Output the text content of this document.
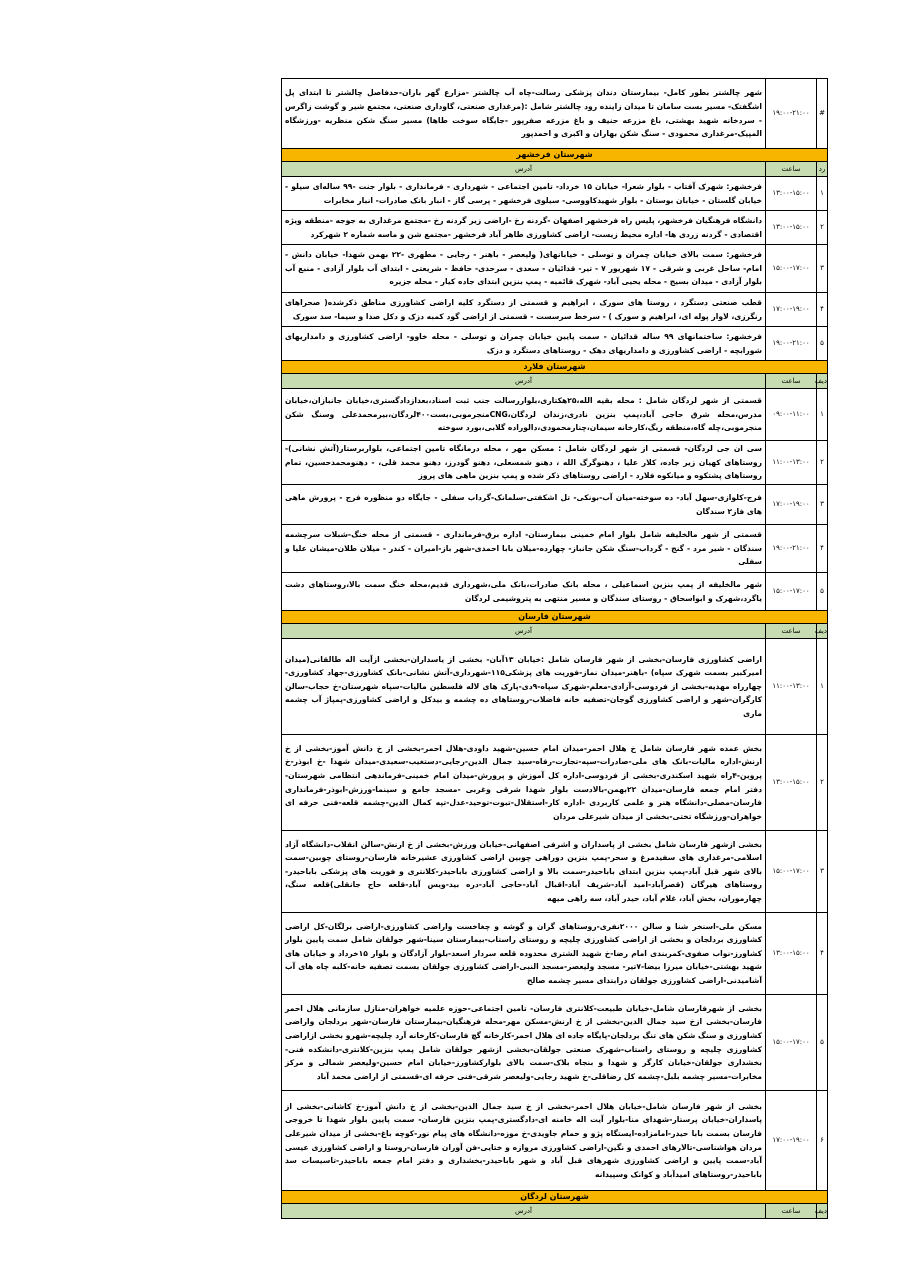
#	۱۹:۰۰-۲۱:۰۰	شهر چالشتر بطور کامل- بیمارستان دندان پزشکی رسالت-چاه آب چالشتر -مزارع گهر باران-حدفاصل چالشتر تا ابتدای پل اشگفتک- مسیر بست سامان تا میدان زاینده رود چالشتر شامل :(مرغداری صنعتی، گاوداری صنعتی، مجتمع شیر و گوشت زاگرس - سردخانه شهید بهشتی، باغ مزرعه حنیف و باغ مزرعه صفرپور -جایگاه سوخت طاها) مسیر سنگ شکن منظریه -ورزشگاه المپیک-مرغداری محمودی - سنگ شکن بهاران و اکبری و احمدپور
شهرستان فرخشهر		
رد	ساعت	آدرس
۱	۱۳:۰۰-۱۵:۰۰	فرخشهر: شهرک آفتاب - بلوار شعرا- خیابان ۱۵ خرداد- تامین اجتماعی - شهرداری - فرمانداری - بلوار جنت -۹۹ ساله‌ای سیلو - خیابان گلستان - خیابان بوستان - بلوار شهیدکاووسی- سیلوی فرخشهر - پرسی گاز - انبار بانک صادرات- انبار مخابرات
۲	۱۳:۰۰-۱۵:۰۰	دانشگاه فرهنگیان فرخشهر، پلیس راه فرخشهر اصفهان -گردنه رخ -اراضی زیر گردنه رخ -مجتمع مرغداری به جوجه -منطقه ویژه اقتصادی - گردنه زردی ها- اداره محیط زیست- اراضی کشاورزی طاهر آباد فرخشهر -مجتمع شن و ماسه شماره ۲ شهرکرد
۳	۱۵:۰۰-۱۷:۰۰	فرخشهر: سمت بالای خیابان چمران و توسلی - خیابانهای( ولیعصر - باهنر - رجایی - مطهری -۲۲ بهمن شهدا- خیابان دانش - امام- ساحل غربی و شرقی - ۱۷ شهریور ۷ - تیر- قدائیان - سعدی - سرحدی- حافظ - شریعتی - ابتدای آب بلوار آزادی - منبع آب بلوار آزادی - میدان بسیج - محله یحیی آباد- شهرک قائمیه - پمپ بنزین ابتدای جاده کیار - محله جزیره
۴	۱۷:۰۰-۱۹:۰۰	قطب صنعتی دستگرد ، روستا های سورک ، ابراهیم و قسمتی از دستگرد کلیه اراضی کشاورزی مناطق ذکرشده( صحراهای رنگرزی، لاوار پوله ای، ابراهیم و سورک ) - سرخط سرسست - قسمتی از اراضی گود کمبه دزک و دکل صدا و سیما- سد سورک
۵	۱۹:۰۰-۲۱:۰۰	فرخشهر: ساختمانهای ۹۹ ساله قدائیان - سمت پایین خیابان چمران و توسلی - محله خاوو- اراضی کشاورزی و دامداریهای شورابچه - اراضی کشاورزی و دامداریهای دهک - روستاهای دستگرد و دزک
شهرستان فلارد		
دیف	ساعت	آدرس
۱	۰۹:۰۰-۱۱:۰۰	قسمتی از شهر لردگان شامل : محله بقیه الله،۲۵هکتاری،بلواررسالت جنب ثبت اسناد،بعدازدادگستری،خیابان جانبازان،خیابان مدرس،محله شرق حاجی آباد،پمپ بنزین نادری،زندان لردگان،CNGمنجرموبی،بست۴۰۰لردگان،بیرمحمدعلی وسنگ شکن منجرموبی،چله گاه،منطقه ریگ،کارخانه سیمان،چنارمحمودی،دالوراده گلابی،بورد سوخته
۲	۱۱:۰۰-۱۳:۰۰	سی ان جی لردگان- قسمتی از شهر لردگان شامل : مسکن مهر ، محله درمانگاه تامین اجتماعی، بلواربرستار(آتش نشانی)-روستاهای کهیان زیر جاده، کلار علیا ، دهنوگرگ الله ، دهنو شمسعلی، دهنو گودرز، دهنو محمد قلی، - دهنومحمدحسین، تمام روستاهای پشتکوه و میانکوه فلارد - اراضی روستاهای ذکر شده و پمپ بنزین ماهی های پروز
۳	۱۷:۰۰-۱۹:۰۰	فرج-کلوازی-سهل آباد- ده سوخته-میان آب-بونکی- تل اشکفتی-سلمانک-گرداب سفلی - جایگاه دو منظوره فرج - پرورش ماهی های فاز۲ سندگان
۴	۱۹:۰۰-۲۱:۰۰	قسمتی از شهر مالخلیفه شامل بلوار امام خمینی بیمارستان- اداره برق-فرمانداری - قسمتی از محله خنگ-شبلات سرچشمه سندگان - شیر مرد - گنج - گرداب-سنگ شکن جانباز- چهارده-میلان بابا احمدی-شهر باز-امیران - کندر - میلان طلان-میشان علیا و سفلی
۵	۱۵:۰۰-۱۷:۰۰	شهر مالخلیفه از پمپ بنزین اسماعیلی ، محله بانک صادرات،بانک ملی،شهرداری قدیم،محله خنگ سمت بالا،روستاهای دشت یاگرد،شهرک و ابواسحاق - روستای سندگان و مسیر منتهی به پتروشیمی لردگان
شهرستان فارسان		
دیف	ساعت	آدرس
۱	۱۱:۰۰-۱۳:۰۰	اراضی کشاورزی فارسان-بخشی از شهر فارسان شامل :خیابان ۱۳آبان- بخشی از یاسداران-بخشی ازآیت اله طالقانی(میدان امیرکبیر بسمت شهرک سپاه) -باهنر-میدان نماز-فوریت های پزشکی۱۱۵-شهرداری-آتش نشانی-بانک کشاورزی-جهاد کشاورزی-چهارراه مهدیه-بخشی از فردوسی-آزادی-معلم-شهرک سپاه-۹دی-پارک های لاله فلسطین مالیات-سپاه شهرستان-خ حجاب-سالن کارگران-شهر و اراضی کشاورزی گوجان-تصفیه خانه فاضلاب-روستاهای ده چشمه و بیدکل و اراضی کشاورزی-پمپاژ آب چشمه ماری
۲	۱۳:۰۰-۱۵:۰۰	بخش عمده شهر فارسان شامل خ هلال احمر-میدان امام حسین-شهید داودی-هلال احمر-بخشی از خ دانش آموز-بخشی از خ ارنش-اداره مالیات-بانک های ملی-صادرات-سپه-تجارت-رفاه-سید جمال الدین-رجایی-دستغیب-سعیدی-میدان شهدا -خ ابوذر-خ پروین-۴راه شهید اسکندری-بخشی از فردوسی-اداره کل آموزش و پرورش-میدان امام خمینی-فرماندهی انتظامی شهرستان-دفتر امام جمعه فارسان-میدان ۲۲بهمن-بالادست بلوار شهدا شرقی وغربی -مسجد جامع و سینما-ورزش-ابوذر-فرمانداری فارسان-مصلی-دانشگاه هنر و علمی کاربردی -اداره کار-استقلال-تبوت-توحید-عدل-تپه کمال الدین-چشمه قلعه-فنی حرفه ای خواهران-ورزشگاه تختی-بخشی از میدان شیرعلی مردان
۳	۱۵:۰۰-۱۷:۰۰	بخشی ازشهر فارسان شامل بخشی از پاسداران و اشرفی اصفهانی-خیابان ورزش-بخشی از خ ارنش-سالن انقلاب-دانشگاه آزاد اسلامی-مرغداری های سفیدمرغ و سحر-پمپ بنزین دوراهی چوبین اراضی کشاورزی عشیرخانه فارسان-روستای چوبین-سمت بالای شهر قبل آباد-پمپ بنزین ابتدای باباحیدر-سمت بالا و اراضی کشاورزی باباحیدر-کلانتری و فوریت های پزشکی باباحیدر-روستاهای هیرگان (قصرآباد-امید آباد-شریف آباد-اقبال آباد-حاجی آباد-دره بید-ویس آباد-قلعه حاج جانقلی)قلعه سنگ، چهارموران، بخش آباد، غلام آباد، حیدر آباد، سه راهی میهه
۴	۱۳:۰۰-۱۵:۰۰	مسکن ملی-اسنخر شنا و سالن ۲۰۰۰نفری-روستاهای گران و گوشه و چغاخست واراضی کشاورزی-اراضی برلگان-کل اراضی کشاورزی بردلجان و بخشی از اراضی کشاورزی چلیچه و روستای راستاب-بیمارستان سینا-شهر جولقان شامل سمت پایین بلوار کشاورز-نواب صفوی-کمربندی امام رضا-خ شهید الشتری محدوده قلعه سردار اسعد-بلوار آزادگان و بلوار ۱۵خرداد و خیابان های شهید بهشتی-خیابان میرزا بیضا-۷تیر- مسجد ولیعصر-مسجد النبی-اراضی کشاورزی جولقان بسمت تصفیه خانه-کلبه چاه های آب آشامیدنی-اراضی کشاورزی جولقان درابتدای مسیر چشمه صالح
۵	۱۵:۰۰-۱۷:۰۰	بخشی از شهرفارسان شامل-خیابان طبیعت-کلانتری فارسان- تامین اجتماعی-حوزه علمیه خواهران-منازل سازمانی هلال احمر فارسان-بخشی ازخ سید جمال الدین-بخشی از خ ارنش-مسکن مهر-محله فرهنگیان-بیمارستان فارسان-شهر بردلجان واراضی کشاورزی و سنگ شکن های تنگ بردلجان-پایگاه جاده ای هلال احمر-کارخانه گچ فارسان-کارخانه آرد چلیچه-شهرو بخشی ازاراضی کشاورزی چلیچه و روستای راستاب-شهرک صنعتی جولقان-بخشی ازشهر جولقان شامل پمپ بنزین-کلانتری-دانشکده فنی-بخشداری جولقان-خیابان کارگر و شهدا و بنجاه بلاک-سمت بالای بلوارکشاورز-خیابان امام حسین-ولیعصر شمالی و مرکز مخابرات-مسیر چشمه بلبل-چشمه کل رضاقلی-خ شهید رجایی-ولیعصر شرقی-فنی حرفه ای-قسمتی از اراضی محمد آباد
۶	۱۷:۰۰-۱۹:۰۰	بخشی از شهر فارسان شامل-خیابان هلال احمر-بخشی از خ سید جمال الدین-بخشی از خ دانش آموز-خ کاشانی-بخشی از پاسداران-خیابان پرستار-شهدای منا-بلوار آیت اله خامنه ای-دادگستری-پمپ بنزین فارسان- سمت پایین بلوار شهدا تا خروجی فارسان بسمت بابا حیدر-امامزاده-ایستگاه پژو و حمام جاویدی-خ موزه-دانشگاه های پیام نور-کوچه باغ-بخشی از میدان شیرعلی مردان هواشناسی-تالارهای احمدی و نگین-اراضی کشاورزی مروازه و ختایی-فن آوران فارسان-روستا و اراضی کشاورزی عیسی آباد-سمت پایین و اراضی کشاورزی شهرهای قبل آباد و شهر باباحیدر-بخشداری و دفتر امام جمعه باباحیدر-تاسیسات سد باباحیدر-روستاهای امیدآباد و کوانک وسپیدانه
شهرستان لردگان		
دیف	ساعت	آدرس
